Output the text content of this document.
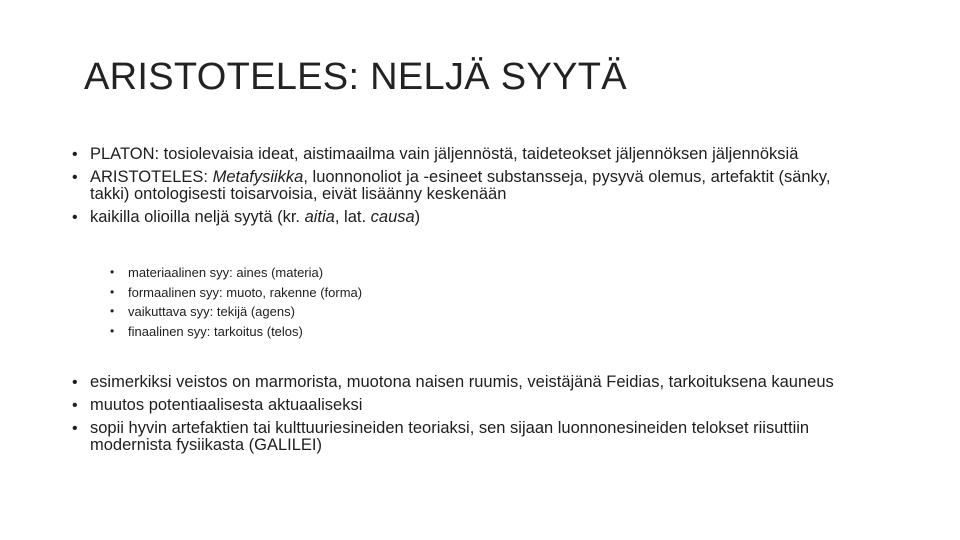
ARISTOTELES: NELJÄ SYYTÄ
• PLATON: tosiolevaisia ideat, aistimaailma vain jäljennöstä, taideteokset jäljennöksen jäljennöksiä
• ARISTOTELES: Metafysiikka, luonnonoliot ja -esineet substansseja, pysyvä olemus, artefaktit (sänky, takki) ontologisesti toisarvoisia, eivät lisäänny keskenään
• kaikilla olioilla neljä syytä (kr. aitia, lat. causa)
• materiaalinen syy: aines (materia)
• formaalinen syy: muoto, rakenne (forma)
• vaikuttava syy: tekijä (agens)
• finaalinen syy: tarkoitus (telos)
• esimerkiksi veistos on marmorista, muotona naisen ruumis, veistäjänä Feidias, tarkoituksena kauneus
• muutos potentiaalisesta aktuaaliseksi
• sopii hyvin artefaktien tai kulttuuriesineiden teoriaksi, sen sijaan luonnonesineiden telokset riisuttiin modernista fysiikasta (GALILEI)
